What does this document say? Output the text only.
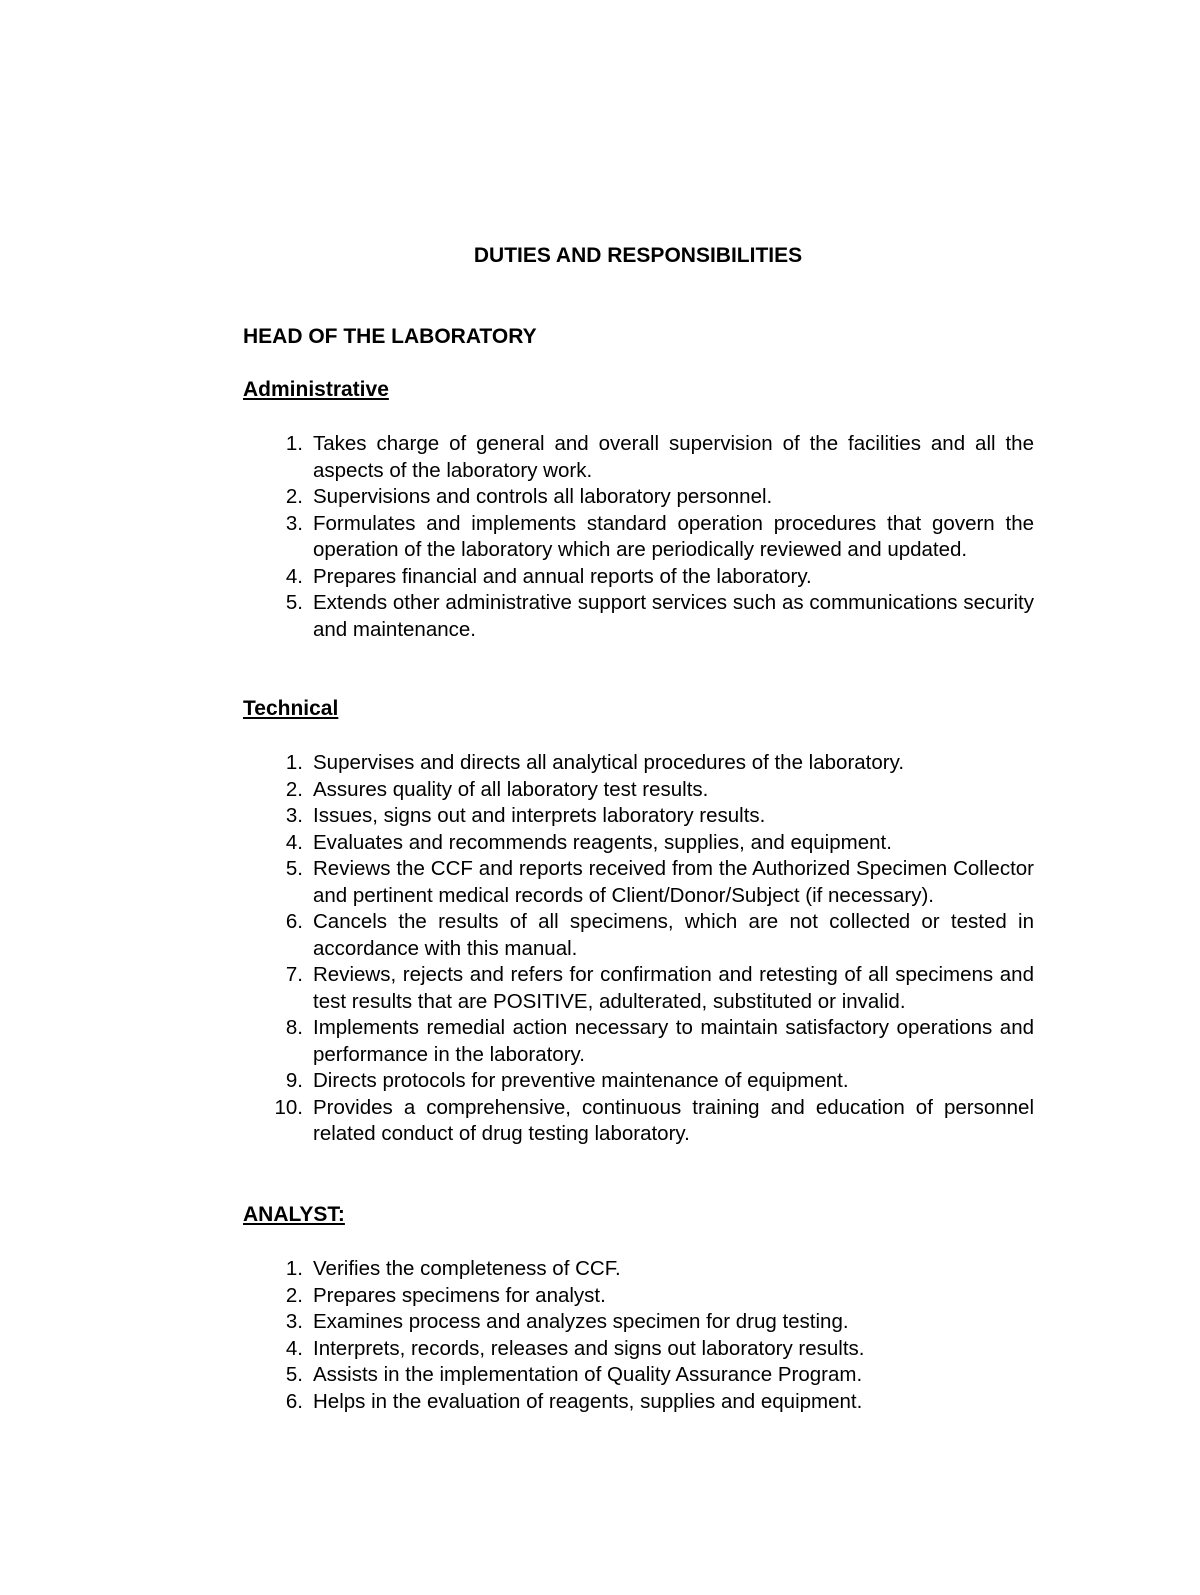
DUTIES AND RESPONSIBILITIES
HEAD OF THE LABORATORY
Administrative
1. Takes charge of general and overall supervision of the facilities and all the aspects of the laboratory work.
2. Supervisions and controls all laboratory personnel.
3. Formulates and implements standard operation procedures that govern the operation of the laboratory which are periodically reviewed and updated.
4. Prepares financial and annual reports of the laboratory.
5. Extends other administrative support services such as communications security and maintenance.
Technical
1. Supervises and directs all analytical procedures of the laboratory.
2. Assures quality of all laboratory test results.
3. Issues, signs out and interprets laboratory results.
4. Evaluates and recommends reagents, supplies, and equipment.
5. Reviews the CCF and reports received from the Authorized Specimen Collector and pertinent medical records of Client/Donor/Subject (if necessary).
6. Cancels the results of all specimens, which are not collected or tested in accordance with this manual.
7. Reviews, rejects and refers for confirmation and retesting of all specimens and test results that are POSITIVE, adulterated, substituted or invalid.
8. Implements remedial action necessary to maintain satisfactory operations and performance in the laboratory.
9. Directs protocols for preventive maintenance of equipment.
10. Provides a comprehensive, continuous training and education of personnel related conduct of drug testing laboratory.
ANALYST:
1. Verifies the completeness of CCF.
2. Prepares specimens for analyst.
3. Examines process and analyzes specimen for drug testing.
4. Interprets, records, releases and signs out laboratory results.
5. Assists in the implementation of Quality Assurance Program.
6. Helps in the evaluation of reagents, supplies and equipment.
